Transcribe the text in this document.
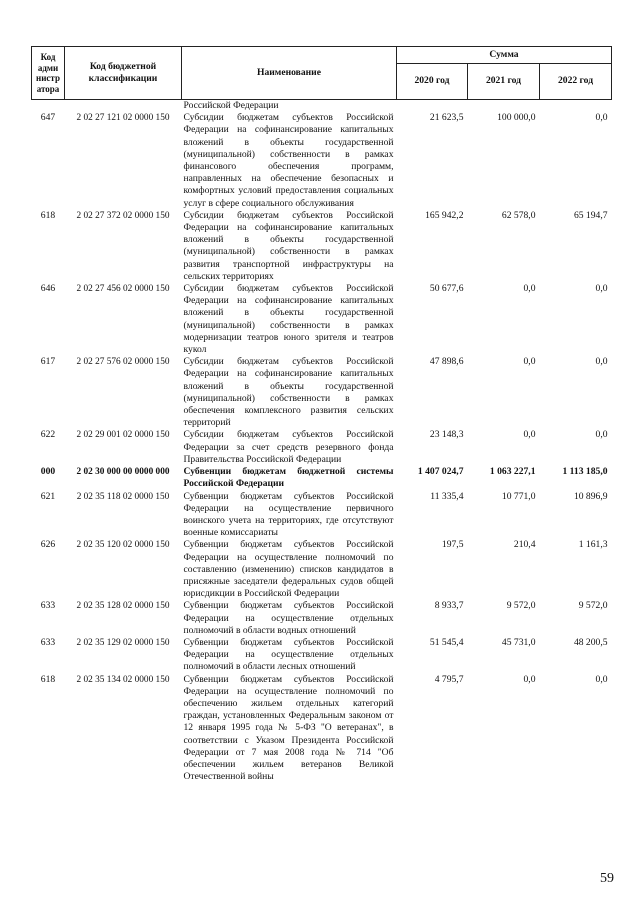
Код адми нистр атора	Код бюджетной классификации	Наименование	Сумма		
			2020 год	2021 год	2022 год
		Российской Федерации			
647	2 02 27 121 02 0000 150	Субсидии бюджетам субъектов Российской Федерации на софинансирование капитальных вложений в объекты государственной (муниципальной) собственности в рамках финансового обеспечения программ, направленных на обеспечение безопасных и комфортных условий предоставления социальных услуг в сфере социального обслуживания	21 623,5	100 000,0	0,0
618	2 02 27 372 02 0000 150	Субсидии бюджетам субъектов Российской Федерации на софинансирование капитальных вложений в объекты государственной (муниципальной) собственности в рамках развития транспортной инфраструктуры на сельских территориях	165 942,2	62 578,0	65 194,7
646	2 02 27 456 02 0000 150	Субсидии бюджетам субъектов Российской Федерации на софинансирование капитальных вложений в объекты государственной (муниципальной) собственности в рамках модернизации театров юного зрителя и театров кукол	50 677,6	0,0	0,0
617	2 02 27 576 02 0000 150	Субсидии бюджетам субъектов Российской Федерации на софинансирование капитальных вложений в объекты государственной (муниципальной) собственности в рамках обеспечения комплексного развития сельских территорий	47 898,6	0,0	0,0
622	2 02 29 001 02 0000 150	Субсидии бюджетам субъектов Российской Федерации за счет средств резервного фонда Правительства Российской Федерации	23 148,3	0,0	0,0
000	2 02 30 000 00 0000 000	Субвенции бюджетам бюджетной системы Российской Федерации	1 407 024,7	1 063 227,1	1 113 185,0
621	2 02 35 118 02 0000 150	Субвенции бюджетам субъектов Российской Федерации на осуществление первичного воинского учета на территориях, где отсутствуют военные комиссариаты	11 335,4	10 771,0	10 896,9
626	2 02 35 120 02 0000 150	Субвенции бюджетам субъектов Российской Федерации на осуществление полномочий по составлению (изменению) списков кандидатов в присяжные заседатели федеральных судов общей юрисдикции в Российской Федерации	197,5	210,4	1 161,3
633	2 02 35 128 02 0000 150	Субвенции бюджетам субъектов Российской Федерации на осуществление отдельных полномочий в области водных отношений	8 933,7	9 572,0	9 572,0
633	2 02 35 129 02 0000 150	Субвенции бюджетам субъектов Российской Федерации на осуществление отдельных полномочий в области лесных отношений	51 545,4	45 731,0	48 200,5
618	2 02 35 134 02 0000 150	Субвенции бюджетам субъектов Российской Федерации на осуществление полномочий по обеспечению жильем отдельных категорий граждан, установленных Федеральным законом от 12 января 1995 года № 5-ФЗ "О ветеранах", в соответствии с Указом Президента Российской Федерации от 7 мая 2008 года № 714 "Об обеспечении жильем ветеранов Великой Отечественной войны	4 795,7	0,0	0,0
59
